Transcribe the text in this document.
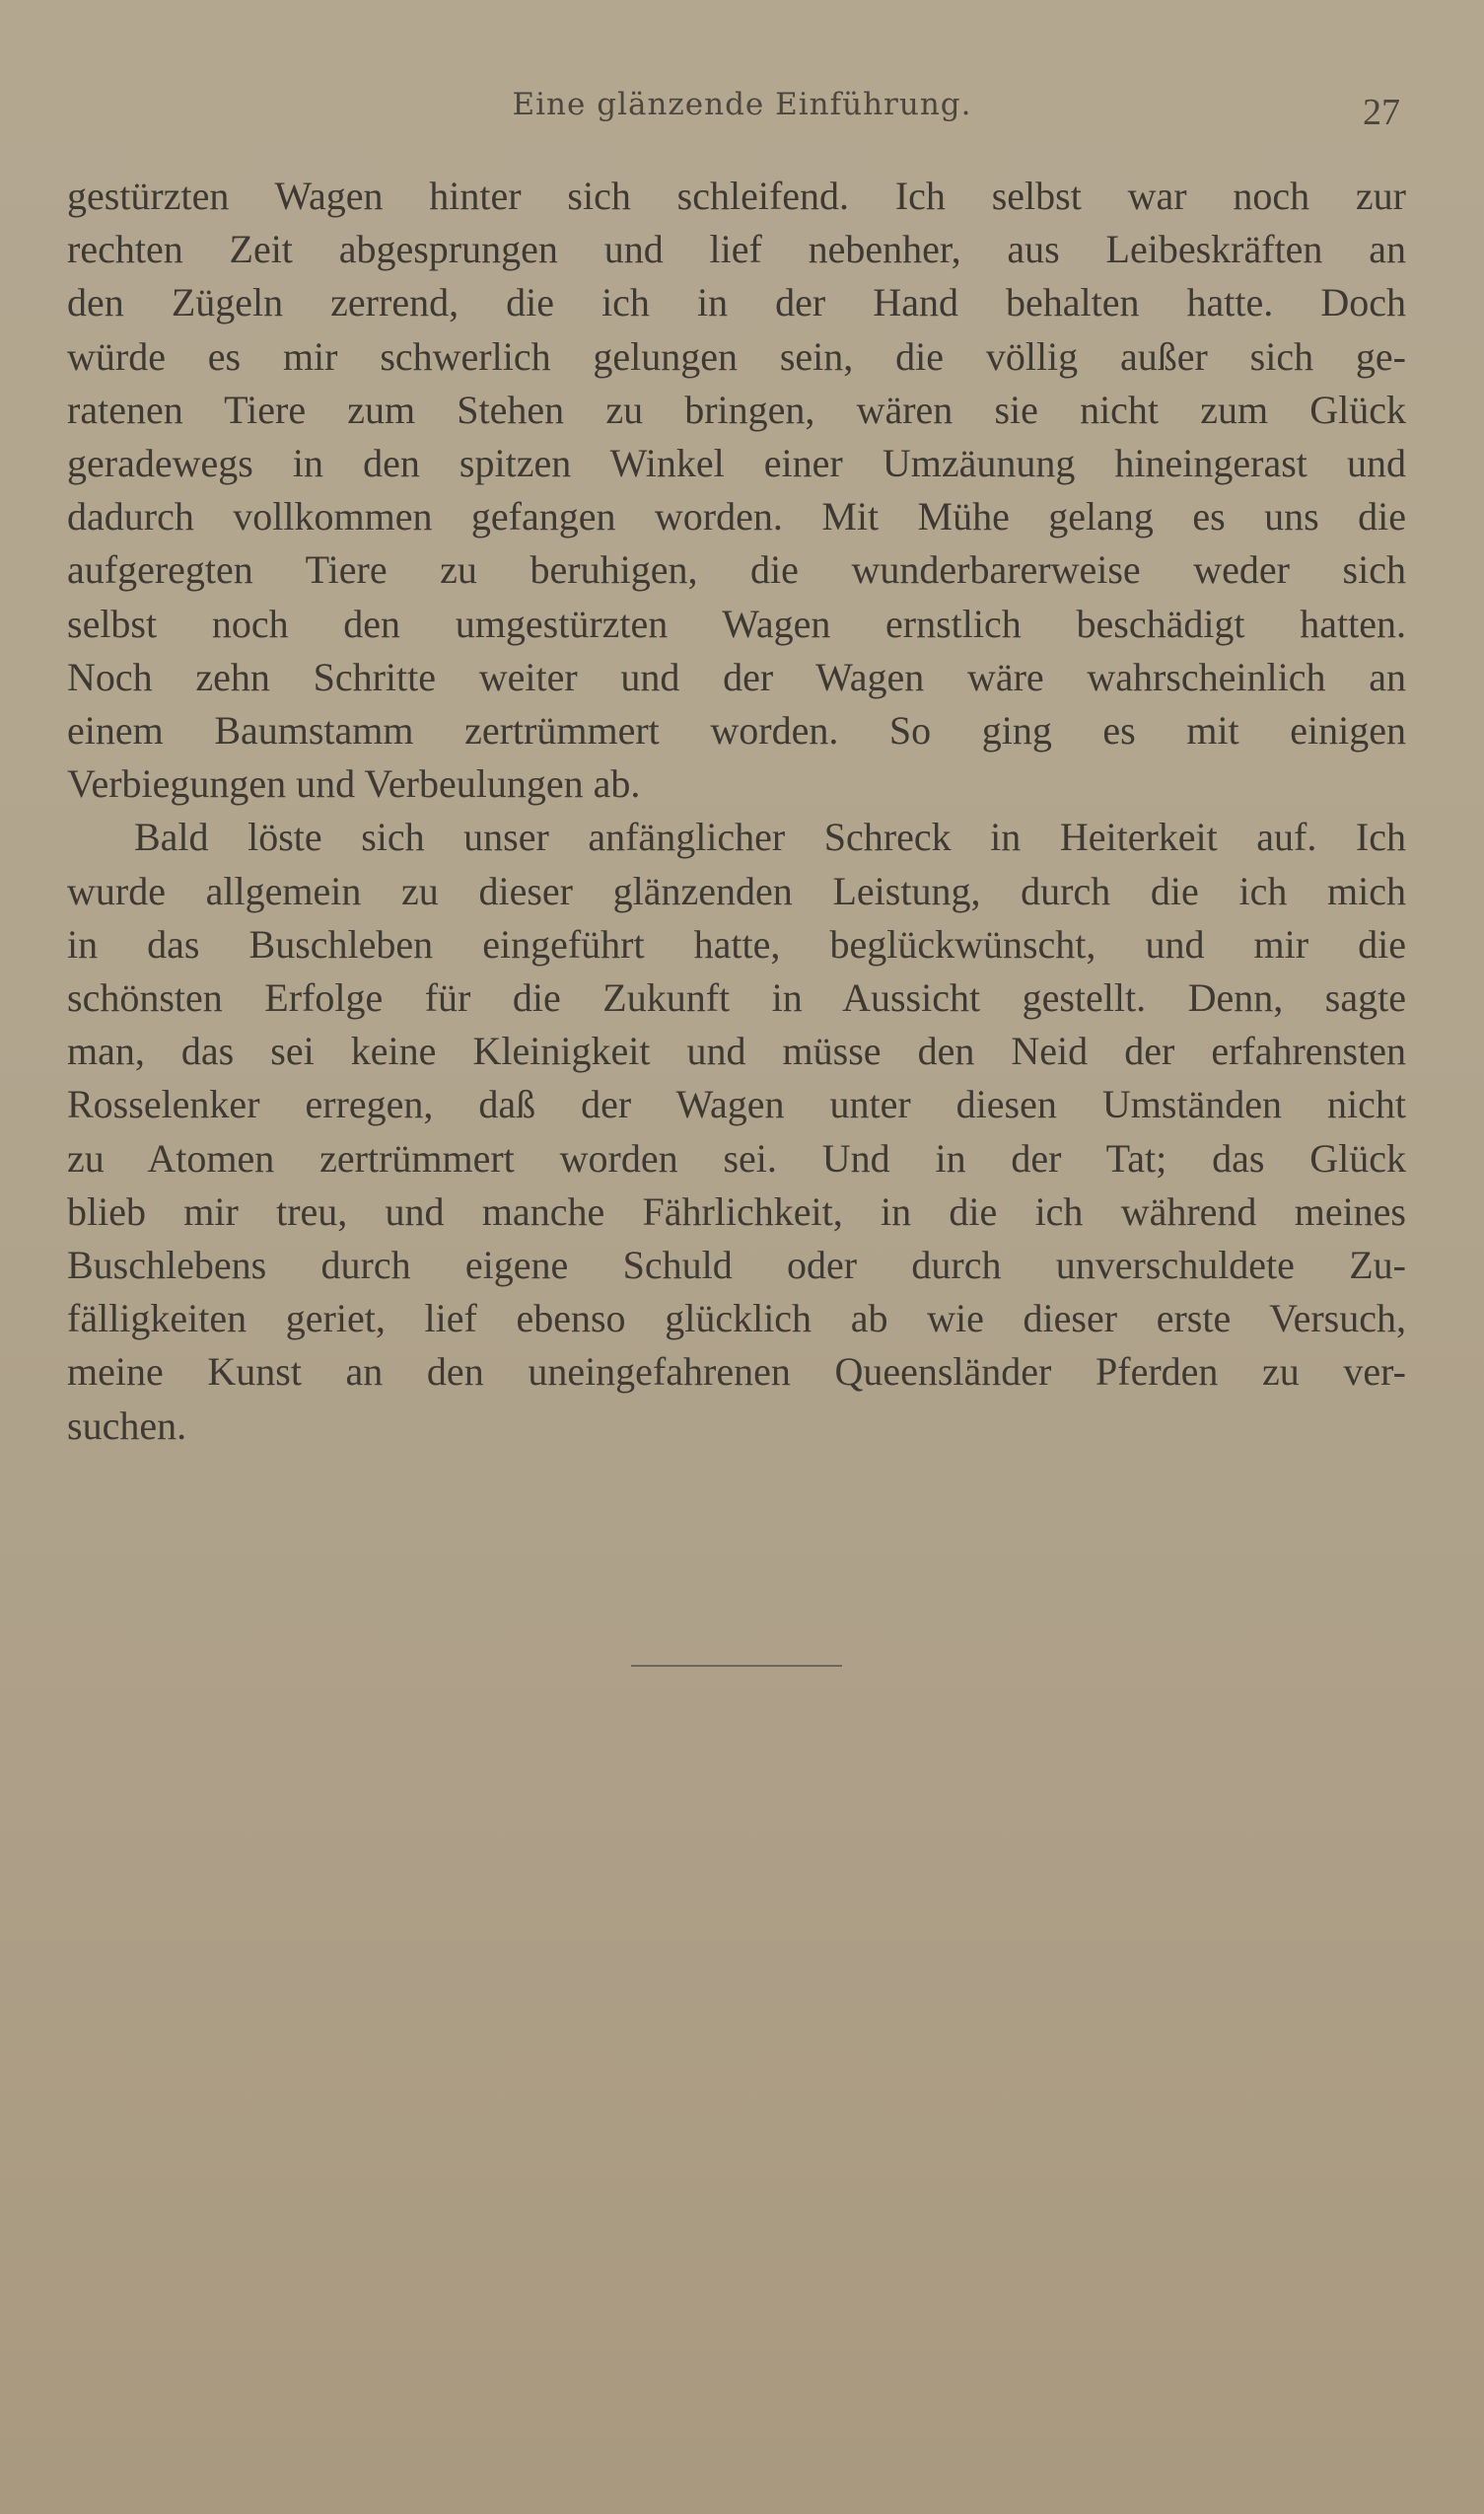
Eine glänzende Einführung.	27

gestürzten Wagen hinter sich schleifend. Ich selbst war noch zur
rechten Zeit abgesprungen und lief nebenher, aus Leibeskräften an
den Zügeln zerrend, die ich in der Hand behalten hatte. Doch
würde es mir schwerlich gelungen sein, die völlig außer sich ge-
ratenen Tiere zum Stehen zu bringen, wären sie nicht zum Glück
geradewegs in den spitzen Winkel einer Umzäunung hineingerast und
dadurch vollkommen gefangen worden. Mit Mühe gelang es uns die
aufgeregten Tiere zu beruhigen, die wunderbarerweise weder sich
selbst noch den umgestürzten Wagen ernstlich beschädigt hatten.
Noch zehn Schritte weiter und der Wagen wäre wahrscheinlich an
einem Baumstamm zertrümmert worden. So ging es mit einigen
Verbiegungen und Verbeulungen ab.

Bald löste sich unser anfänglicher Schreck in Heiterkeit auf. Ich
wurde allgemein zu dieser glänzenden Leistung, durch die ich mich
in das Buschleben eingeführt hatte, beglückwünscht, und mir die
schönsten Erfolge für die Zukunft in Aussicht gestellt. Denn, sagte
man, das sei keine Kleinigkeit und müsse den Neid der erfahrensten
Rosselenker erregen, daß der Wagen unter diesen Umständen nicht
zu Atomen zertrümmert worden sei. Und in der Tat; das Glück
blieb mir treu, und manche Fährlichkeit, in die ich während meines
Buschlebens durch eigene Schuld oder durch unverschuldete Zu-
fälligkeiten geriet, lief ebenso glücklich ab wie dieser erste Versuch,
meine Kunst an den uneingefahrenen Queensländer Pferden zu ver-
suchen.
